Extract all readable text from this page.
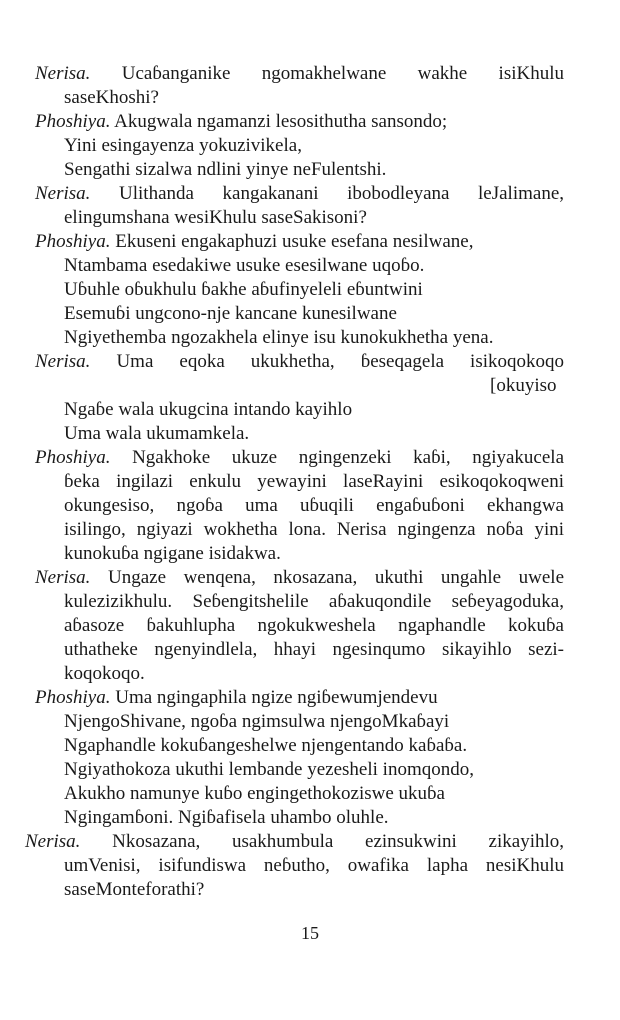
Nerisa. Ucaɓanganike ngomakhelwane wakhe isiKhulu
saseKhoshi?
Phoshiya. Akugwala ngamanzi lesosithutha sansondo;
Yini esingayenza yokuzivikela,
Sengathi sizalwa ndlini yinye neFulentshi.
Nerisa. Ulithanda kangakanani ibobodleyana leJalimane,
elingumshana wesiKhulu saseSakisoni?
Phoshiya. Ekuseni engakaphuzi usuke esefana nesilwane,
Ntambama esedakiwe usuke esesilwane uqoɓo.
Uɓuhle oɓukhulu ɓakhe aɓufinyeleli eɓuntwini
Esemuɓi ungcono-nje kancane kunesilwane
Ngiyethemba ngozakhela elinye isu kunokukhetha yena.
Nerisa. Uma eqoka ukukhetha, ɓeseqagela isikoqokoqo
[okuyiso
Ngaɓe wala ukugcina intando kayihlo
Uma wala ukumamkela.
Phoshiya. Ngakhoke ukuze ngingenzeki kaɓi, ngiyakucela
ɓeka ingilazi enkulu yewayini laseRayini esikoqokoqweni
okungesiso, ngoɓa uma uɓuqili engaɓuɓoni ekhangwa
isilingo, ngiyazi wokhetha lona. Nerisa ngingenza noɓa yini
kunokuɓa ngigane isidakwa.
Nerisa. Ungaze wenqena, nkosazana, ukuthi ungahle uwele
kulezizikhulu. Seɓengitshelile aɓakuqondile seɓeyagoduka,
aɓasoze ɓakuhlupha ngokukweshela ngaphandle kokuɓa
uthatheke ngenyindlela, hhayi ngesinqumo sikayihlo sezi-
koqokoqo.
Phoshiya. Uma ngingaphila ngize ngiɓewumjendevu
NjengoShivane, ngoɓa ngimsulwa njengoMkaɓayi
Ngaphandle kokuɓangeshelwe njengentando kaɓaɓa.
Ngiyathokoza ukuthi lembande yezesheli inomqondo,
Akukho namunye kuɓo engingethokoziswe ukuɓa
Ngingamɓoni. Ngiɓafisela uhambo oluhle.
Nerisa. Nkosazana, usakhumbula ezinsukwini zikayihlo,
umVenisi, isifundiswa neɓutho, owafika lapha nesiKhulu
saseMonteforathi?
15
